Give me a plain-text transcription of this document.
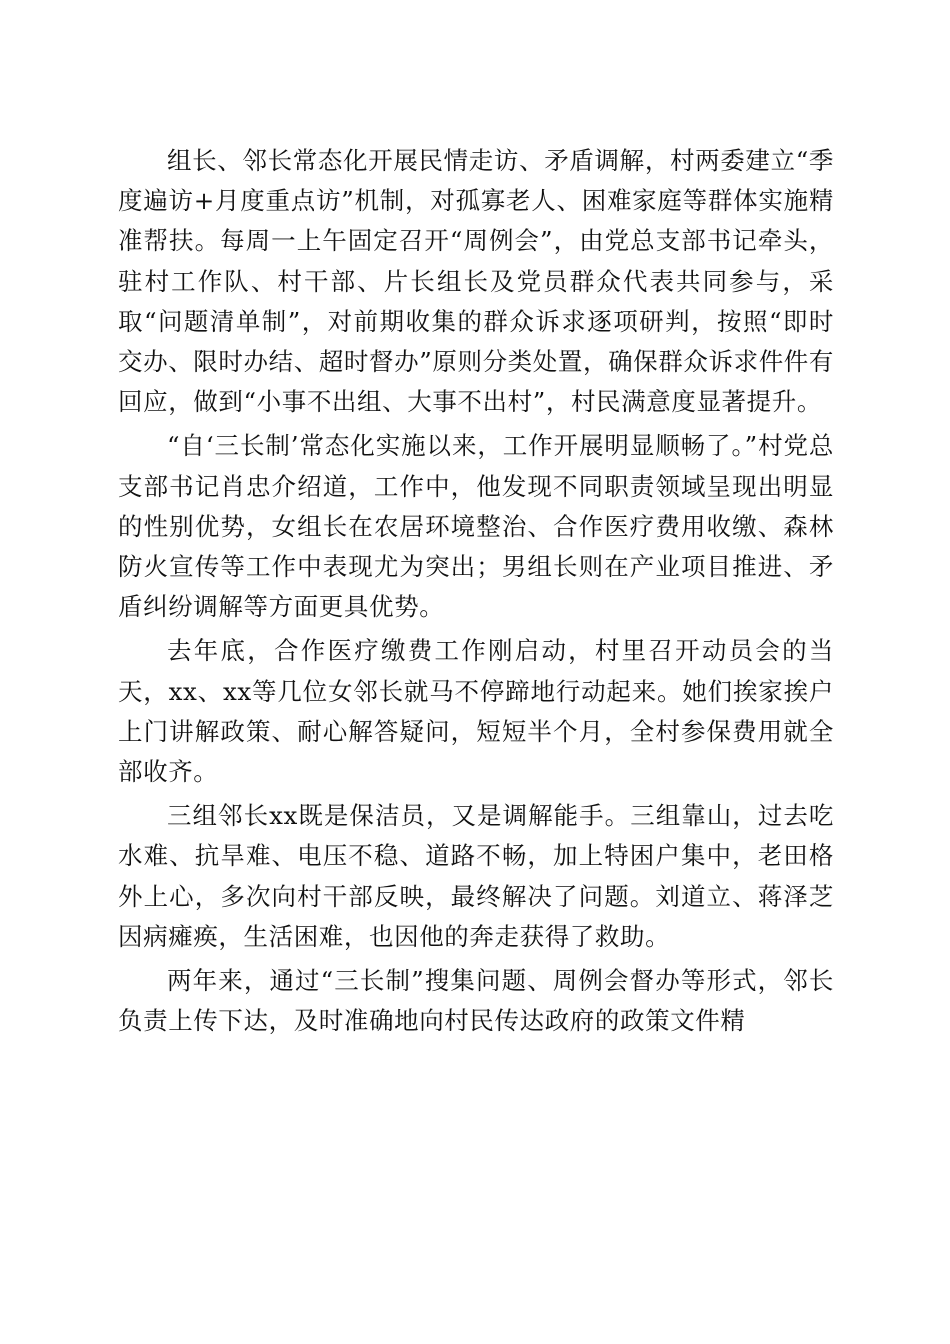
组长、邻长常态化开展民情走访、矛盾调解，村两委建立“季度遍访+月度重点访”机制，对孤寡老人、困难家庭等群体实施精准帮扶。每周一上午固定召开“周例会”，由党总支部书记牵头，驻村工作队、村干部、片长组长及党员群众代表共同参与，采取“问题清单制”，对前期收集的群众诉求逐项研判，按照“即时交办、限时办结、超时督办”原则分类处置，确保群众诉求件件有回应，做到“小事不出组、大事不出村”，村民满意度显著提升。

“自‘三长制’常态化实施以来，工作开展明显顺畅了。”村党总支部书记肖忠介绍道，工作中，他发现不同职责领域呈现出明显的性别优势，女组长在农居环境整治、合作医疗费用收缴、森林防火宣传等工作中表现尤为突出；男组长则在产业项目推进、矛盾纠纷调解等方面更具优势。

去年底，合作医疗缴费工作刚启动，村里召开动员会的当天，xx、xx等几位女邻长就马不停蹄地行动起来。她们挨家挨户上门讲解政策、耐心解答疑问，短短半个月，全村参保费用就全部收齐。

三组邻长xx既是保洁员，又是调解能手。三组靠山，过去吃水难、抗旱难、电压不稳、道路不畅，加上特困户集中，老田格外上心，多次向村干部反映，最终解决了问题。刘道立、蒋泽芝因病瘫痪，生活困难，也因他的奔走获得了救助。

两年来，通过“三长制”搜集问题、周例会督办等形式，邻长负责上传下达，及时准确地向村民传达政府的政策文件精
